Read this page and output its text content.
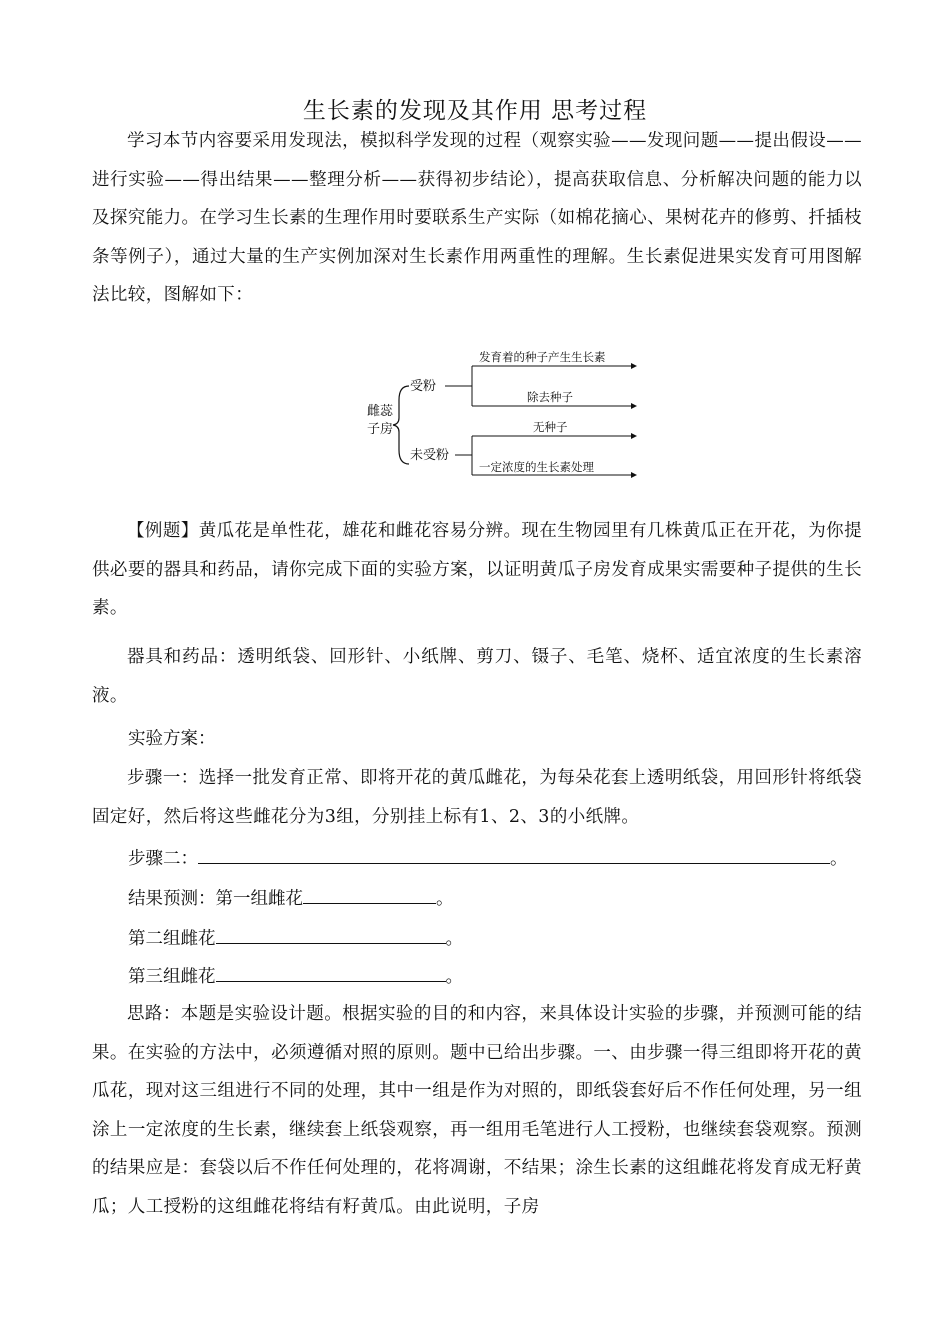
生长素的发现及其作用 思考过程
学习本节内容要采用发现法，模拟科学发现的过程（观察实验——发现问题——提出假设——进行实验——得出结果——整理分析——获得初步结论），提高获取信息、分析解决问题的能力以及探究能力。在学习生长素的生理作用时要联系生产实际（如棉花摘心、果树花卉的修剪、扦插枝条等例子），通过大量的生产实例加深对生长素作用两重性的理解。生长素促进果实发育可用图解法比较，图解如下：
雌蕊
子房
受粉
发育着的种子产生生长素
除去种子
未受粉
无种子
一定浓度的生长素处理
【例题】黄瓜花是单性花，雄花和雌花容易分辨。现在生物园里有几株黄瓜正在开花，为你提供必要的器具和药品，请你完成下面的实验方案，以证明黄瓜子房发育成果实需要种子提供的生长素。
器具和药品：透明纸袋、回形针、小纸牌、剪刀、镊子、毛笔、烧杯、适宜浓度的生长素溶液。
实验方案：
步骤一：选择一批发育正常、即将开花的黄瓜雌花，为每朵花套上透明纸袋，用回形针将纸袋固定好，然后将这些雌花分为3组，分别挂上标有1、2、3的小纸牌。
步骤二：	。
结果预测：第一组雌花	。
第二组雌花	。
第三组雌花	。
思路：本题是实验设计题。根据实验的目的和内容，来具体设计实验的步骤，并预测可能的结果。在实验的方法中，必须遵循对照的原则。题中已给出步骤。一、由步骤一得三组即将开花的黄瓜花，现对这三组进行不同的处理，其中一组是作为对照的，即纸袋套好后不作任何处理，另一组涂上一定浓度的生长素，继续套上纸袋观察，再一组用毛笔进行人工授粉，也继续套袋观察。预测的结果应是：套袋以后不作任何处理的，花将凋谢，不结果；涂生长素的这组雌花将发育成无籽黄瓜；人工授粉的这组雌花将结有籽黄瓜。由此说明，子房
